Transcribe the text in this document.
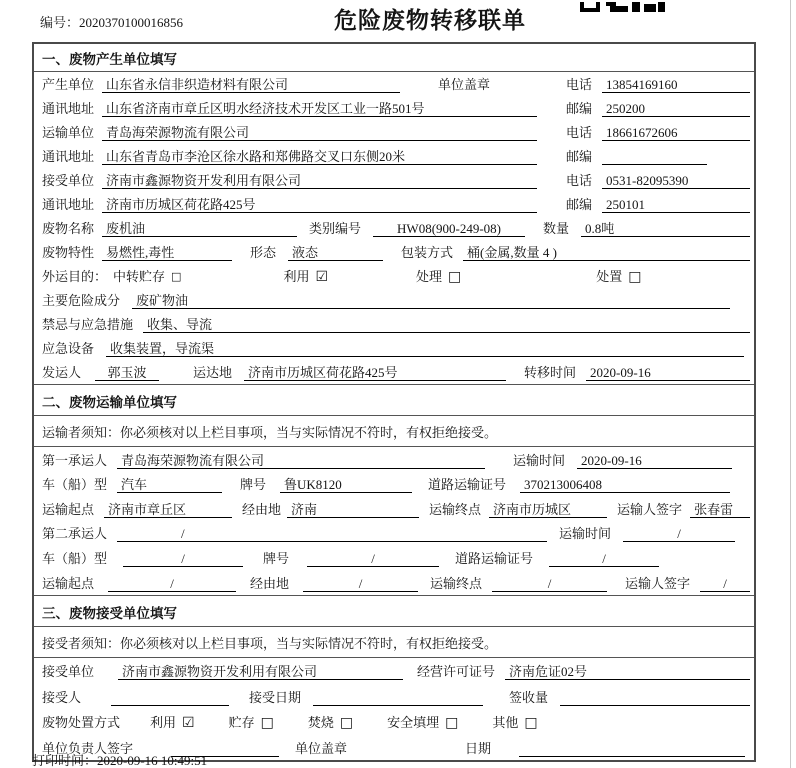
编号：2020370100016856	危险废物转移联单
一、废物产生单位填写
产生单位 山东省永信非织造材料有限公司	单位盖章	电话	13854169160
通讯地址 山东省济南市章丘区明水经济技术开发区工业一路501号	邮编	250200
运输单位 青岛海荣源物流有限公司	电话	18661672606
通讯地址 山东省青岛市李沧区徐水路和郑佛路交叉口东侧20米	邮编
接受单位 济南市鑫源物资开发利用有限公司	电话	0531-82095390
通讯地址 济南市历城区荷花路425号	邮编	250101
废物名称 废机油	类别编号	HW08(900-249-08)	数量	0.8吨
废物特性 易燃性,毒性	形态	液态	包装方式	桶(金属,数量 4 )
外运目的： 中转贮存 □	利用 ☑	处理 □	处置 □
主要危险成分	废矿物油
禁忌与应急措施	收集、导流
应急设备	收集装置，导流渠
发运人	郭玉波	运达地	济南市历城区荷花路425号	转移时间	2020-09-16
二、废物运输单位填写
运输者须知：你必须核对以上栏目事项，当与实际情况不符时，有权拒绝接受。
第一承运人	青岛海荣源物流有限公司	运输时间	2020-09-16
车（船）型	汽车	牌号	鲁UK8120	道路运输证号	370213006408
运输起点	济南市章丘区	经由地 济南	运输终点 济南市历城区	运输人签字 张春雷
第二承运人	/	运输时间	/
车（船）型	/	牌号	/	道路运输证号	/
运输起点	/	经由地	/	运输终点	/	运输人签字	/
三、废物接受单位填写
接受者须知：你必须核对以上栏目事项，当与实际情况不符时，有权拒绝接受。
接受单位	济南市鑫源物资开发利用有限公司	经营许可证号	济南危证02号
接受人	接受日期	签收量
废物处置方式 利用 ☑	贮存 □	焚烧 □	安全填埋 □	其他 □
单位负责人签字	单位盖章	日期
打印时间：2020-09-16 10:49:51
